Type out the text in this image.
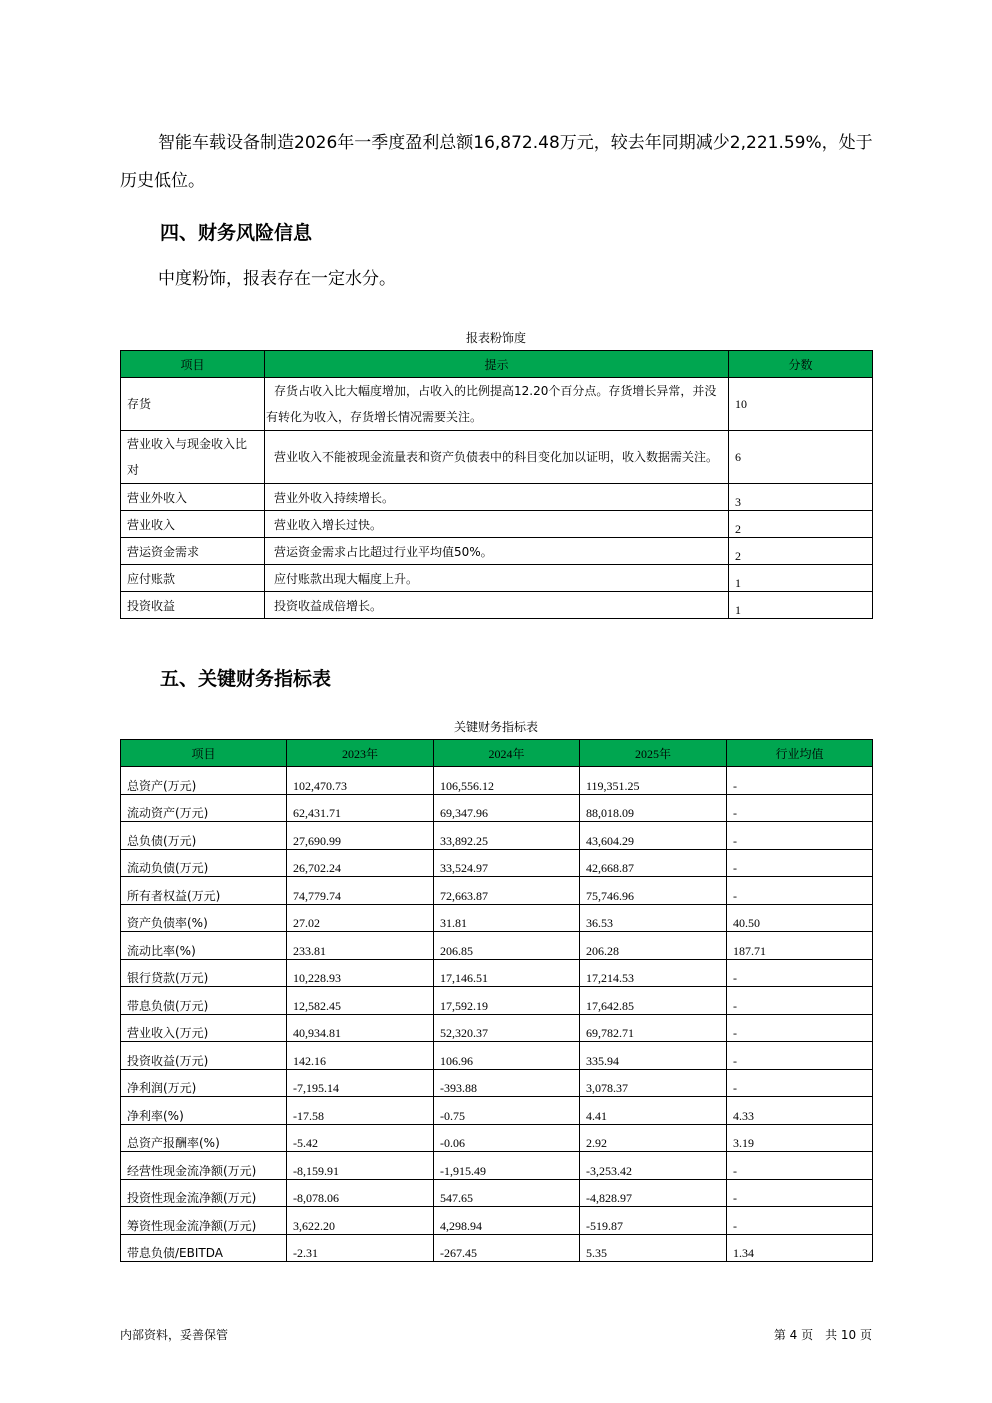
智能车载设备制造2026年一季度盈利总额16,872.48万元，较去年同期减少2,221.59%，处于历史低位。
四、财务风险信息
中度粉饰，报表存在一定水分。
报表粉饰度
项目	提示	分数
存货	存货占收入比大幅度增加，占收入的比例提高12.20个百分点。存货增长异常，并没有转化为收入，存货增长情况需要关注。	10
营业收入与现金收入比对	营业收入不能被现金流量表和资产负债表中的科目变化加以证明，收入数据需关注。	6
营业外收入	营业外收入持续增长。	3
营业收入	营业收入增长过快。	2
营运资金需求	营运资金需求占比超过行业平均值50%。	2
应付账款	应付账款出现大幅度上升。	1
投资收益	投资收益成倍增长。	1
五、关键财务指标表
关键财务指标表
项目	2023年	2024年	2025年	行业均值
总资产(万元)	102,470.73	106,556.12	119,351.25	-
流动资产(万元)	62,431.71	69,347.96	88,018.09	-
总负债(万元)	27,690.99	33,892.25	43,604.29	-
流动负债(万元)	26,702.24	33,524.97	42,668.87	-
所有者权益(万元)	74,779.74	72,663.87	75,746.96	-
资产负债率(%)	27.02	31.81	36.53	40.50
流动比率(%)	233.81	206.85	206.28	187.71
银行贷款(万元)	10,228.93	17,146.51	17,214.53	-
带息负债(万元)	12,582.45	17,592.19	17,642.85	-
营业收入(万元)	40,934.81	52,320.37	69,782.71	-
投资收益(万元)	142.16	106.96	335.94	-
净利润(万元)	-7,195.14	-393.88	3,078.37	-
净利率(%)	-17.58	-0.75	4.41	4.33
总资产报酬率(%)	-5.42	-0.06	2.92	3.19
经营性现金流净额(万元)	-8,159.91	-1,915.49	-3,253.42	-
投资性现金流净额(万元)	-8,078.06	547.65	-4,828.97	-
筹资性现金流净额(万元)	3,622.20	4,298.94	-519.87	-
带息负债/EBITDA	-2.31	-267.45	5.35	1.34
内部资料，妥善保管	第 4 页　共 10 页
